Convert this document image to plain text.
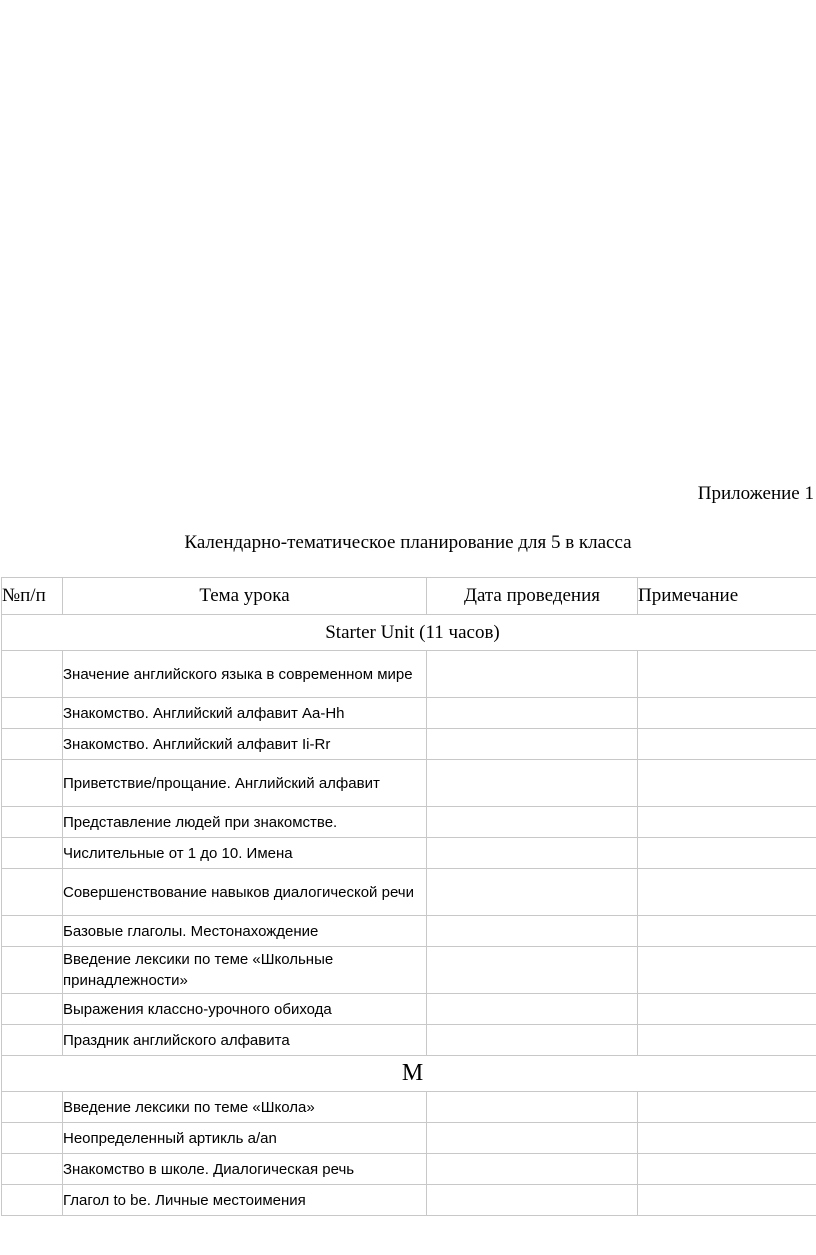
Приложение 1
Календарно-тематическое планирование для 5 в класса
№п/п	Тема урока	Дата проведения	Примечание
Starter Unit (11 часов)			
	Значение английского языка в современном мире		
	Знакомство. Английский алфавит Aa-Hh		
	Знакомство. Английский алфавит Ii-Rr		
	Приветствие/прощание. Английский алфавит		
	Представление людей при знакомстве.		
	Числительные от 1 до 10. Имена		
	Совершенствование навыков диалогической речи		
	Базовые глаголы. Местонахождение		
	Введение лексики по теме «Школьные принадлежности»		
	Выражения классно-урочного обихода		
	Праздник английского алфавита		
М			
	Введение лексики по теме «Школа»		
	Неопределенный артикль a/an		
	Знакомство в школе. Диалогическая речь		
	Глагол to be. Личные местоимения		
